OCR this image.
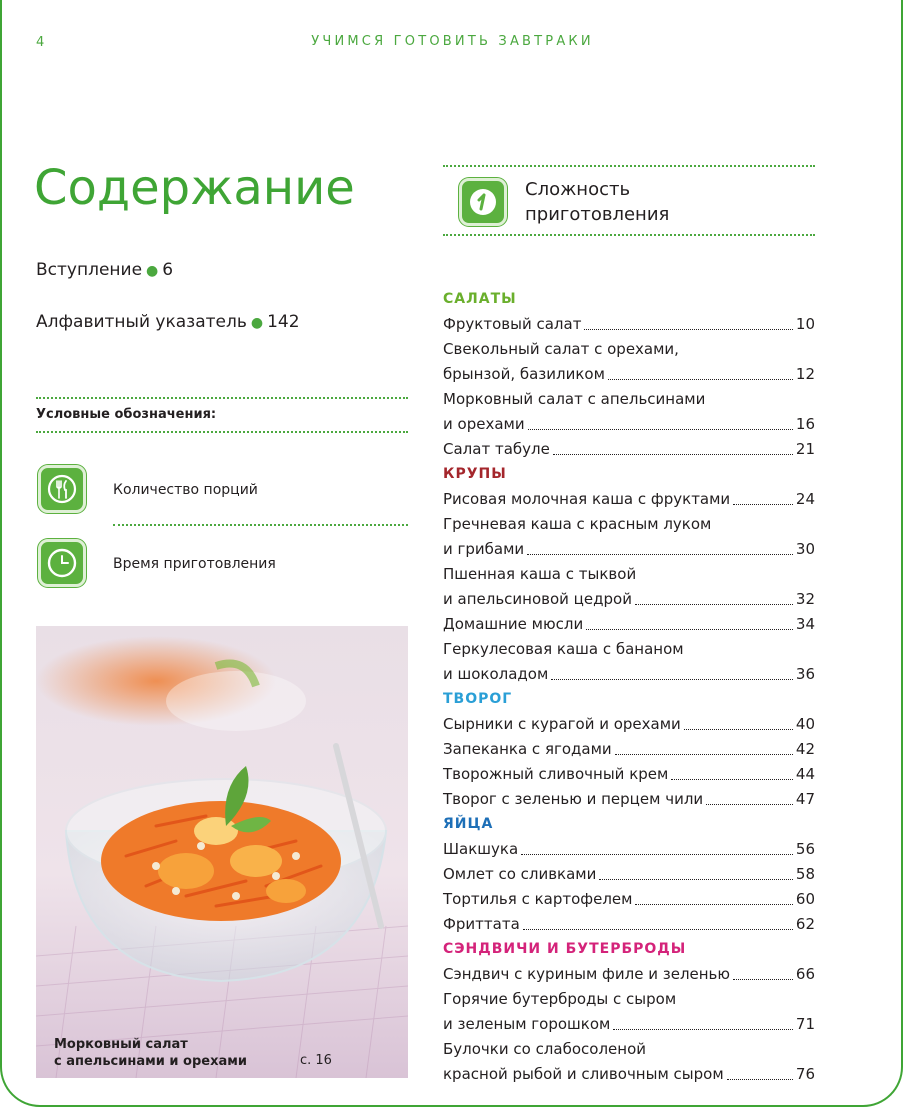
4	УЧИМСЯ ГОТОВИТЬ ЗАВТРАКИ
Содержание
Вступление ● 6
Алфавитный указатель ● 142
Условные обозначения:
Количество порций
Время приготовления
Морковный салат
с апельсинами и орехами	с. 16
Сложность
приготовления
САЛАТЫ
Фруктовый салат	10
Свекольный салат с орехами,
брынзой, базиликом	12
Морковный салат с апельсинами
и орехами	16
Салат табуле	21
КРУПЫ
Рисовая молочная каша с фруктами	24
Гречневая каша с красным луком
и грибами	30
Пшенная каша с тыквой
и апельсиновой цедрой	32
Домашние мюсли	34
Геркулесовая каша с бананом
и шоколадом	36
ТВОРОГ
Сырники с курагой и орехами	40
Запеканка с ягодами	42
Творожный сливочный крем	44
Творог с зеленью и перцем чили	47
ЯЙЦА
Шакшука	56
Омлет со сливками	58
Тортилья с картофелем	60
Фриттата	62
СЭНДВИЧИ И БУТЕРБРОДЫ
Сэндвич с куриным филе и зеленью	66
Горячие бутерброды с сыром
и зеленым горошком	71
Булочки со слабосоленой
красной рыбой и сливочным сыром	76
